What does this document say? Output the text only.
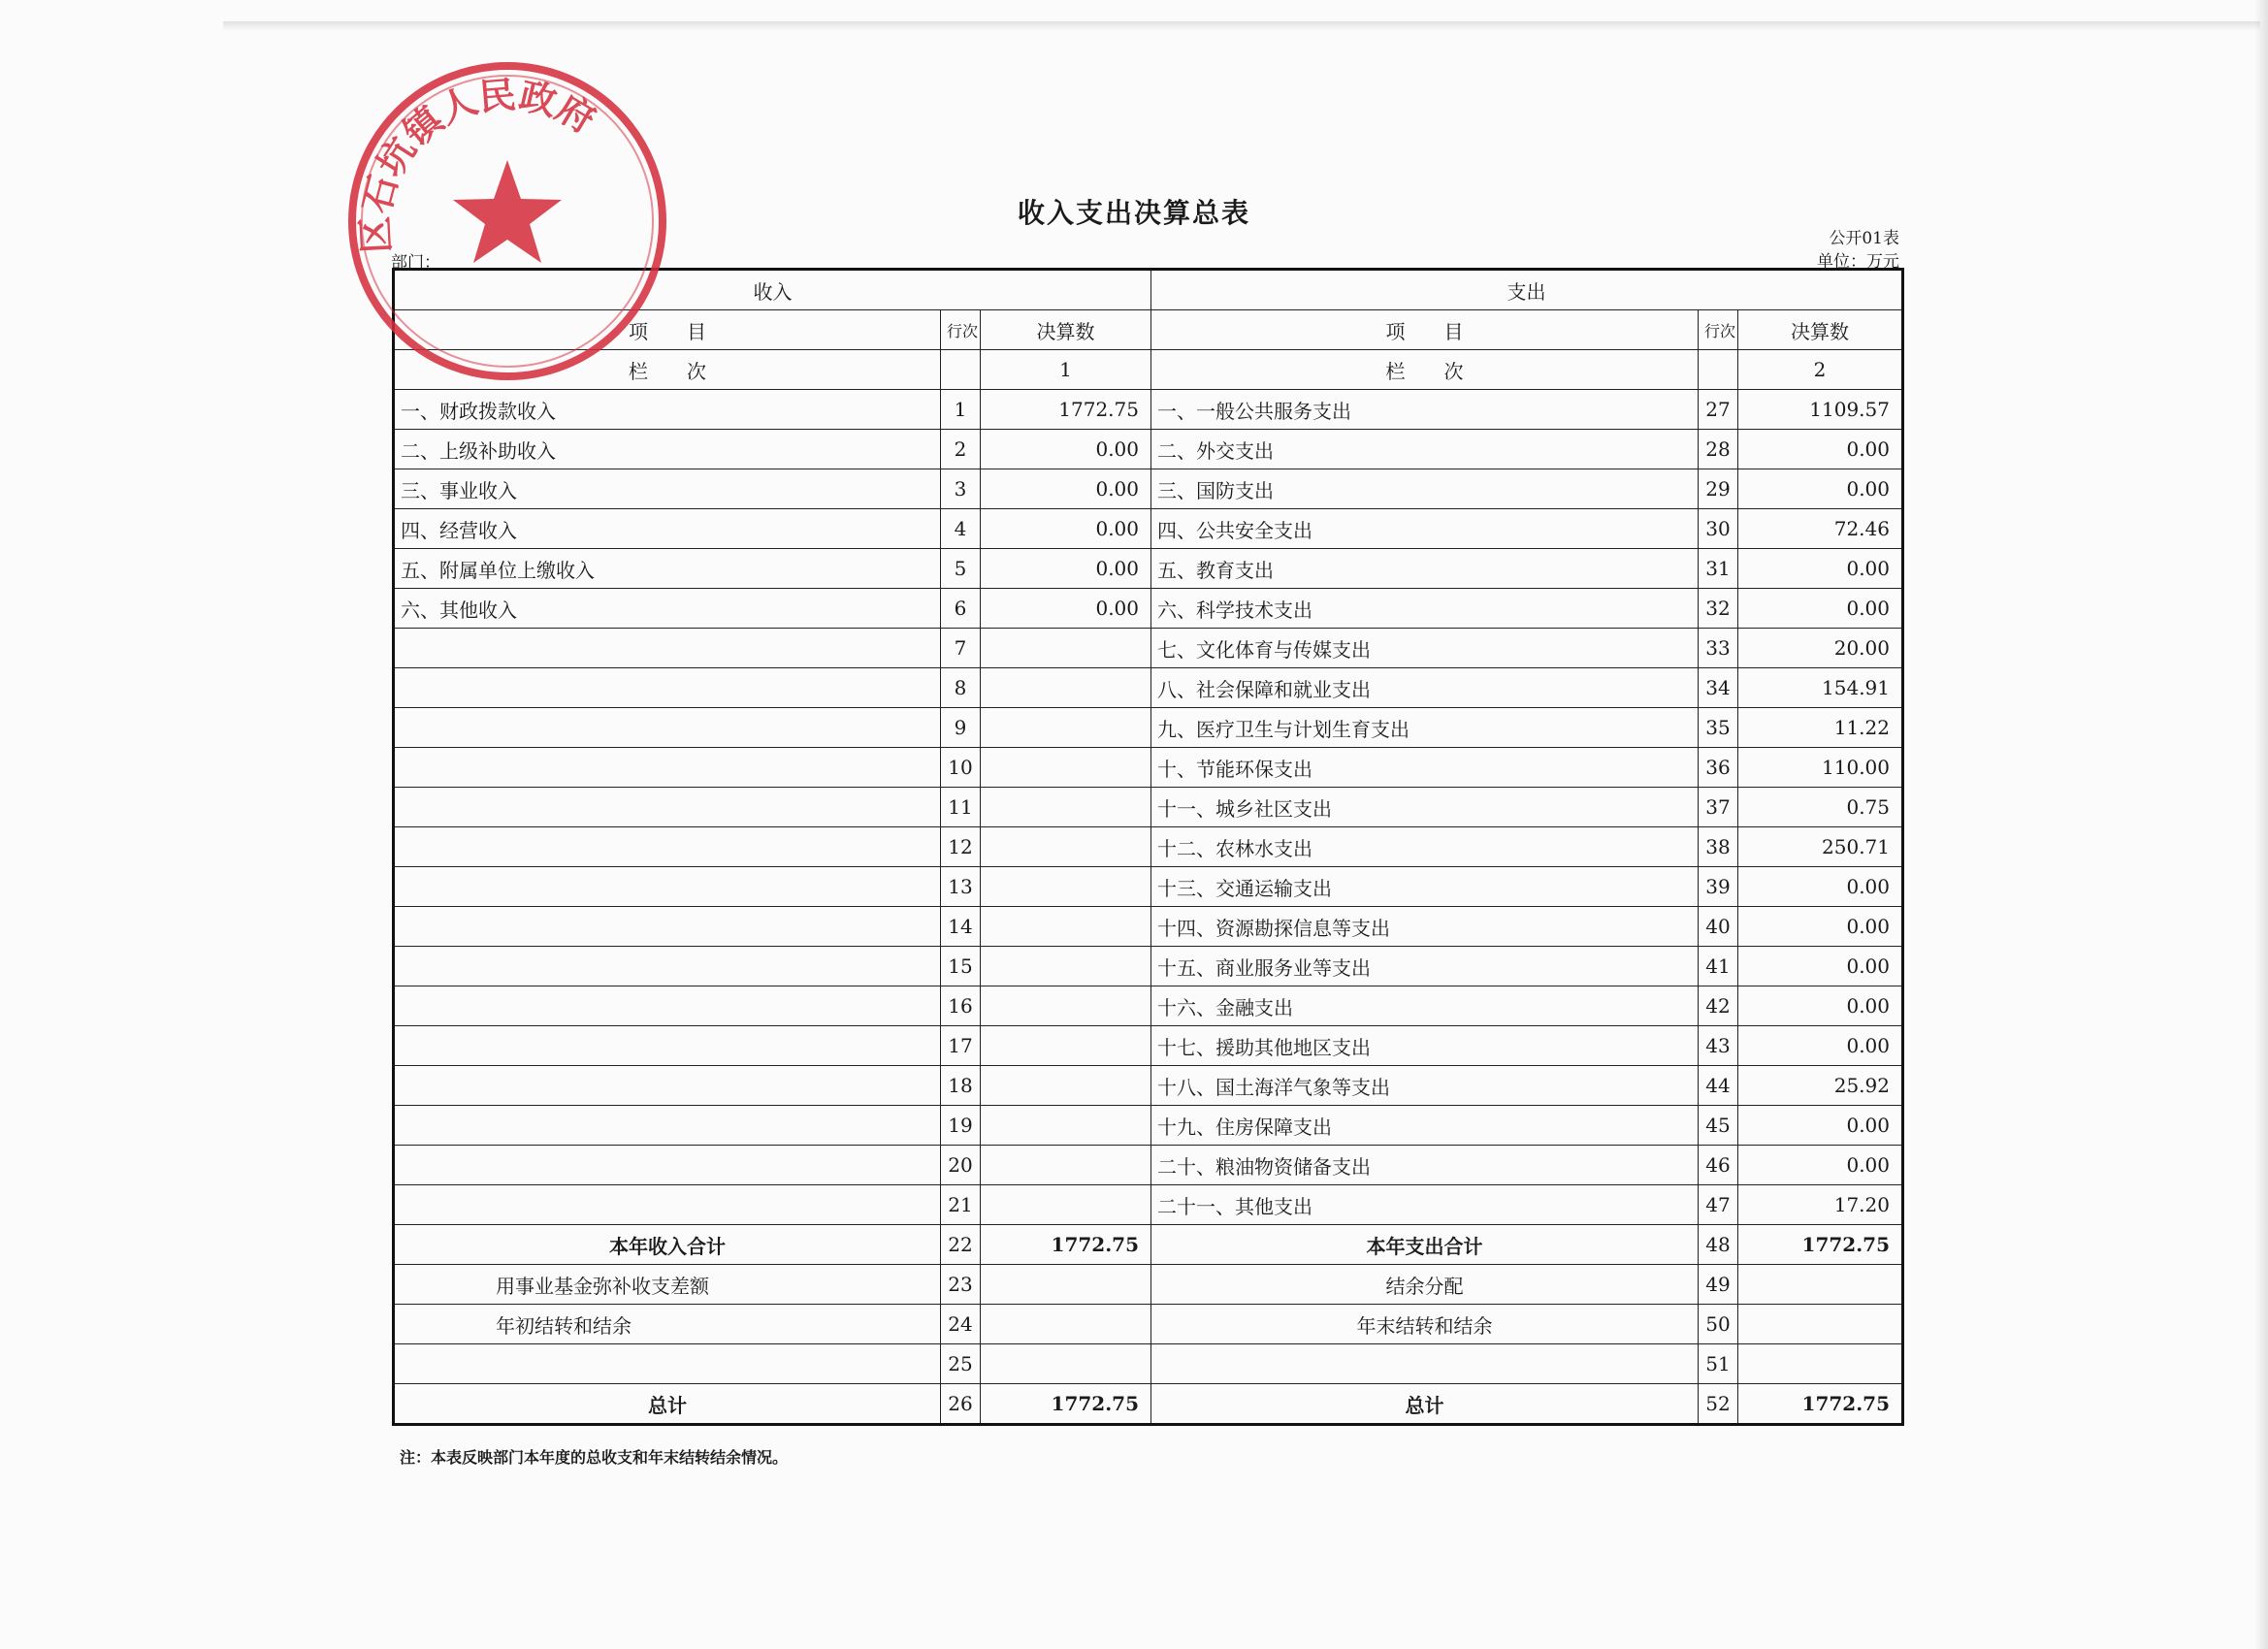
收入支出决算总表
公开01表
单位：万元
部门：
收入			支出		
项　　目	行次	决算数	项　　目	行次	决算数
栏　　次		1	栏　　次		2
一、财政拨款收入	1	1772.75	一、一般公共服务支出	27	1109.57
二、上级补助收入	2	0.00	二、外交支出	28	0.00
三、事业收入	3	0.00	三、国防支出	29	0.00
四、经营收入	4	0.00	四、公共安全支出	30	72.46
五、附属单位上缴收入	5	0.00	五、教育支出	31	0.00
六、其他收入	6	0.00	六、科学技术支出	32	0.00
	7		七、文化体育与传媒支出	33	20.00
	8		八、社会保障和就业支出	34	154.91
	9		九、医疗卫生与计划生育支出	35	11.22
	10		十、节能环保支出	36	110.00
	11		十一、城乡社区支出	37	0.75
	12		十二、农林水支出	38	250.71
	13		十三、交通运输支出	39	0.00
	14		十四、资源勘探信息等支出	40	0.00
	15		十五、商业服务业等支出	41	0.00
	16		十六、金融支出	42	0.00
	17		十七、援助其他地区支出	43	0.00
	18		十八、国土海洋气象等支出	44	25.92
	19		十九、住房保障支出	45	0.00
	20		二十、粮油物资储备支出	46	0.00
	21		二十一、其他支出	47	17.20
本年收入合计	22	1772.75	本年支出合计	48	1772.75
用事业基金弥补收支差额	23		结余分配	49	
年初结转和结余	24		年末结转和结余	50	
	25			51	
总计	26	1772.75	总计	52	1772.75
注：本表反映部门本年度的总收支和年末结转结余情况。
区石坑镇人民政府
